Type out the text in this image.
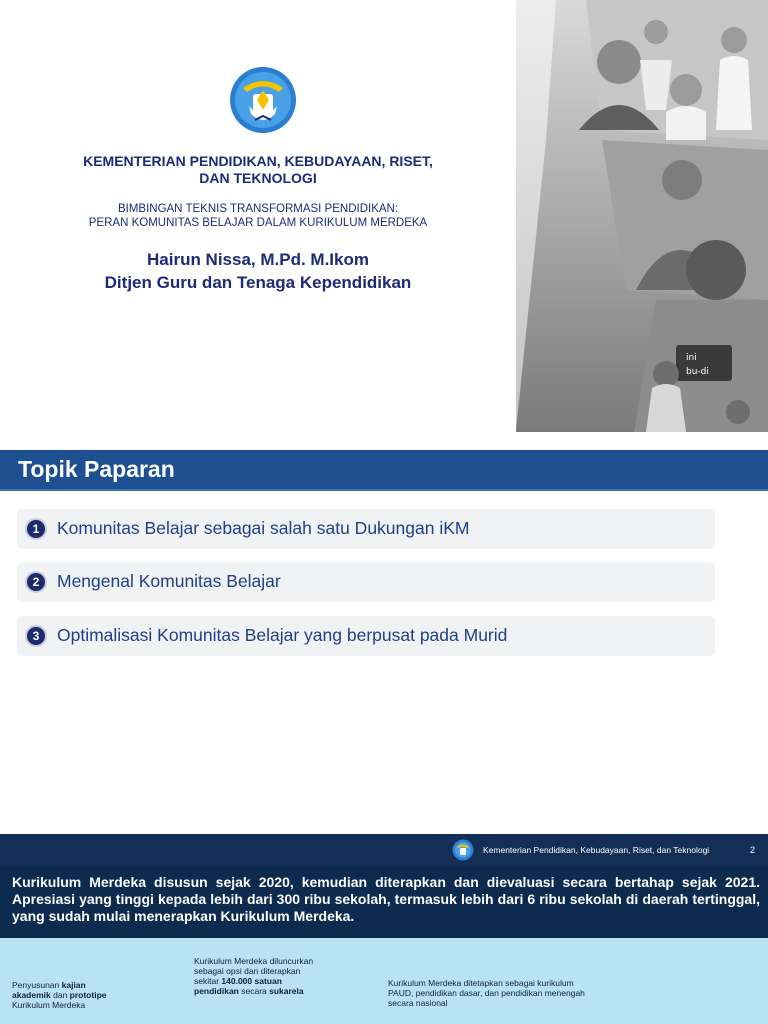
KEMENTERIAN PENDIDIKAN, KEBUDAYAAN, RISET,
DAN TEKNOLOGI
BIMBINGAN TEKNIS TRANSFORMASI PENDIDIKAN:
PERAN KOMUNITAS BELAJAR DALAM KURIKULUM MERDEKA
Hairun Nissa, M.Pd. M.Ikom
Ditjen Guru dan Tenaga Kependidikan
ini
bu-di
Topik Paparan
1	Komunitas Belajar sebagai salah satu Dukungan iKM
2	Mengenal Komunitas Belajar
3	Optimalisasi Komunitas Belajar yang berpusat pada Murid
Kementerian Pendidikan, Kebudayaan, Riset, dan Teknologi	2
Kurikulum Merdeka disusun sejak 2020, kemudian diterapkan dan dievaluasi secara bertahap sejak 2021. Apresiasi yang tinggi kepada lebih dari 300 ribu sekolah, termasuk lebih dari 6 ribu sekolah di daerah tertinggal, yang sudah mulai menerapkan Kurikulum Merdeka.
Penyusunan kajian akademik dan prototipe Kurikulum Merdeka
Kurikulum Merdeka diluncurkan sebagai opsi dan diterapkan sekitar 140.000 satuan pendidikan secara sukarela
Kurikulum Merdeka ditetapkan sebagai kurikulum PAUD, pendidikan dasar, dan pendidikan menengah secara nasional
